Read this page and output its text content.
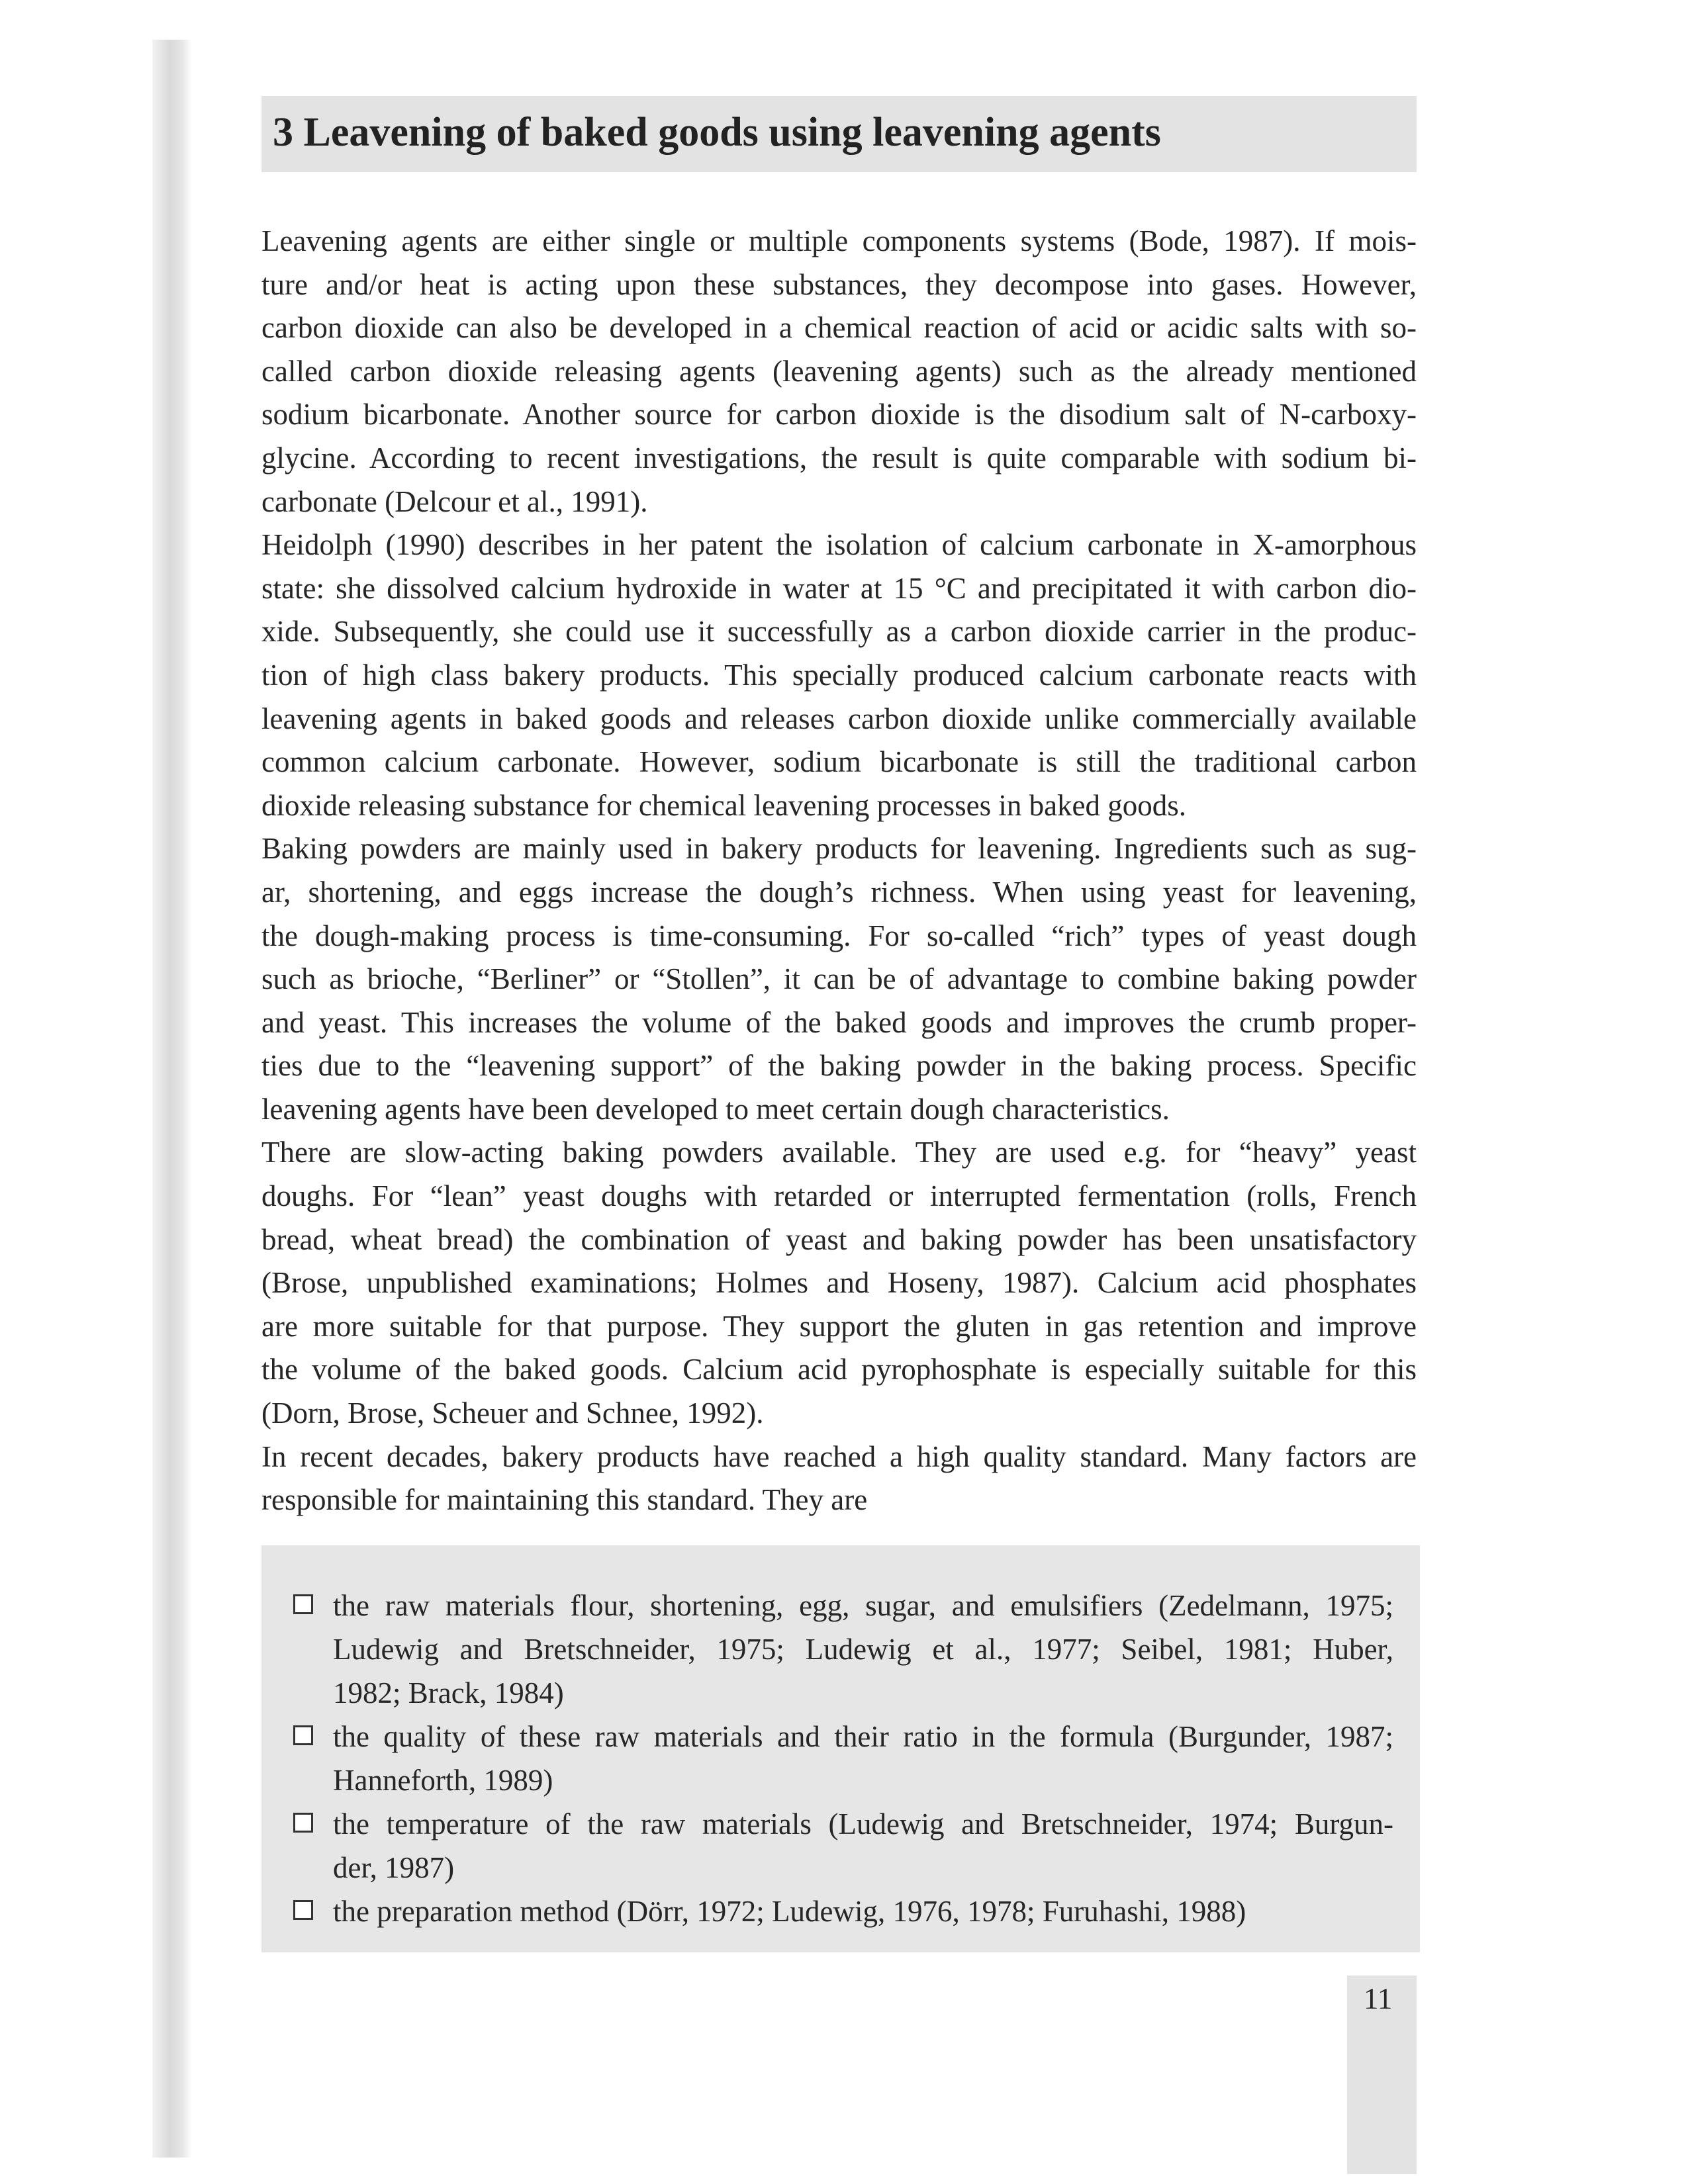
3 Leavening of baked goods using leavening agents
Leavening agents are either single or multiple components systems (Bode, 1987). If mois-
ture and/or heat is acting upon these substances, they decompose into gases. However,
carbon dioxide can also be developed in a chemical reaction of acid or acidic salts with so-
called carbon dioxide releasing agents (leavening agents) such as the already mentioned
sodium bicarbonate. Another source for carbon dioxide is the disodium salt of N-carboxy-
glycine. According to recent investigations, the result is quite comparable with sodium bi-
carbonate (Delcour et al., 1991).
Heidolph (1990) describes in her patent the isolation of calcium carbonate in X-amorphous
state: she dissolved calcium hydroxide in water at 15 °C and precipitated it with carbon dio-
xide. Subsequently, she could use it successfully as a carbon dioxide carrier in the produc-
tion of high class bakery products. This specially produced calcium carbonate reacts with
leavening agents in baked goods and releases carbon dioxide unlike commercially available
common calcium carbonate. However, sodium bicarbonate is still the traditional carbon
dioxide releasing substance for chemical leavening processes in baked goods.
Baking powders are mainly used in bakery products for leavening. Ingredients such as sug-
ar, shortening, and eggs increase the dough’s richness. When using yeast for leavening,
the dough-making process is time-consuming. For so-called “rich” types of yeast dough
such as brioche, “Berliner” or “Stollen”, it can be of advantage to combine baking powder
and yeast. This increases the volume of the baked goods and improves the crumb proper-
ties due to the “leavening support” of the baking powder in the baking process. Specific
leavening agents have been developed to meet certain dough characteristics.
There are slow-acting baking powders available. They are used e.g. for “heavy” yeast
doughs. For “lean” yeast doughs with retarded or interrupted fermentation (rolls, French
bread, wheat bread) the combination of yeast and baking powder has been unsatisfactory
(Brose, unpublished examinations; Holmes and Hoseny, 1987). Calcium acid phosphates
are more suitable for that purpose. They support the gluten in gas retention and improve
the volume of the baked goods. Calcium acid pyrophosphate is especially suitable for this
(Dorn, Brose, Scheuer and Schnee, 1992).
In recent decades, bakery products have reached a high quality standard. Many factors are
responsible for maintaining this standard. They are
the raw materials flour, shortening, egg, sugar, and emulsifiers (Zedelmann, 1975;
Ludewig and Bretschneider, 1975; Ludewig et al., 1977; Seibel, 1981; Huber,
1982; Brack, 1984)
the quality of these raw materials and their ratio in the formula (Burgunder, 1987;
Hanneforth, 1989)
the temperature of the raw materials (Ludewig and Bretschneider, 1974; Burgun-
der, 1987)
the preparation method (Dörr, 1972; Ludewig, 1976, 1978; Furuhashi, 1988)
11
